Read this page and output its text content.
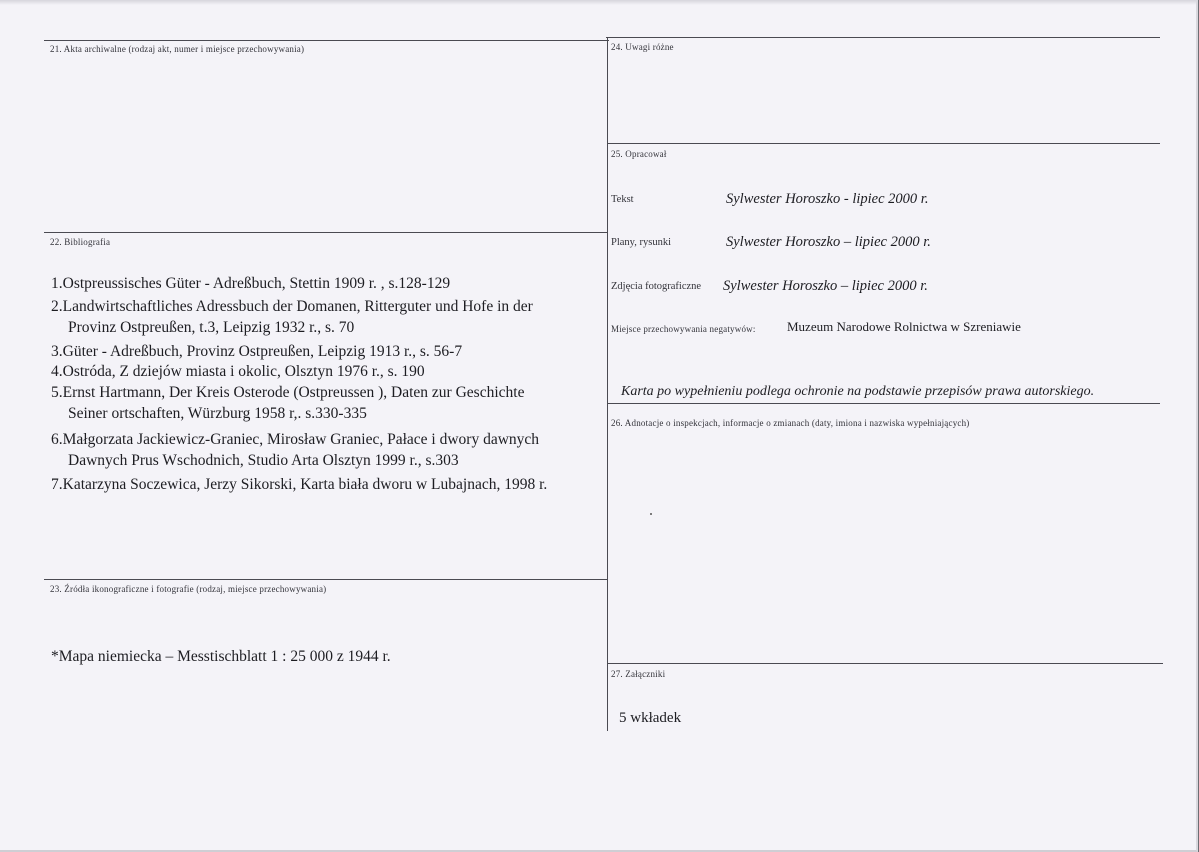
21. Akta archiwalne (rodzaj akt, numer i miejsce przechowywania)
22. Bibliografia
1.Ostpreussisches Güter - Adreßbuch, Stettin 1909 r. , s.128-129
2.Landwirtschaftliches Adressbuch der Domanen, Ritterguter und Hofe in der
Provinz Ostpreußen, t.3, Leipzig 1932 r., s. 70
3.Güter - Adreßbuch, Provinz Ostpreußen, Leipzig 1913 r., s. 56-7
4.Ostróda, Z dziejów miasta i okolic, Olsztyn 1976 r., s. 190
5.Ernst Hartmann, Der Kreis Osterode (Ostpreussen ), Daten zur Geschichte
Seiner ortschaften, Würzburg 1958 r,. s.330-335
6.Małgorzata Jackiewicz-Graniec, Mirosław Graniec, Pałace i dwory dawnych
Dawnych Prus Wschodnich, Studio Arta Olsztyn 1999 r., s.303
7.Katarzyna Soczewica, Jerzy Sikorski, Karta biała dworu w Lubajnach, 1998 r.
23. Źródła ikonograficzne i fotografie (rodzaj, miejsce przechowywania)
*Mapa niemiecka – Messtischblatt 1 : 25 000 z 1944 r.
24. Uwagi różne
25. Opracował
Tekst	Sylwester Horoszko - lipiec 2000 r.
Plany, rysunki	Sylwester Horoszko – lipiec 2000 r.
Zdjęcia fotograficzne Sylwester Horoszko – lipiec 2000 r.
Miejsce przechowywania negatywów: Muzeum Narodowe Rolnictwa w Szreniawie
Karta po wypełnieniu podlega ochronie na podstawie przepisów prawa autorskiego.
26. Adnotacje o inspekcjach, informacje o zmianach (daty, imiona i nazwiska wypełniających)
27. Załączniki
5 wkładek
